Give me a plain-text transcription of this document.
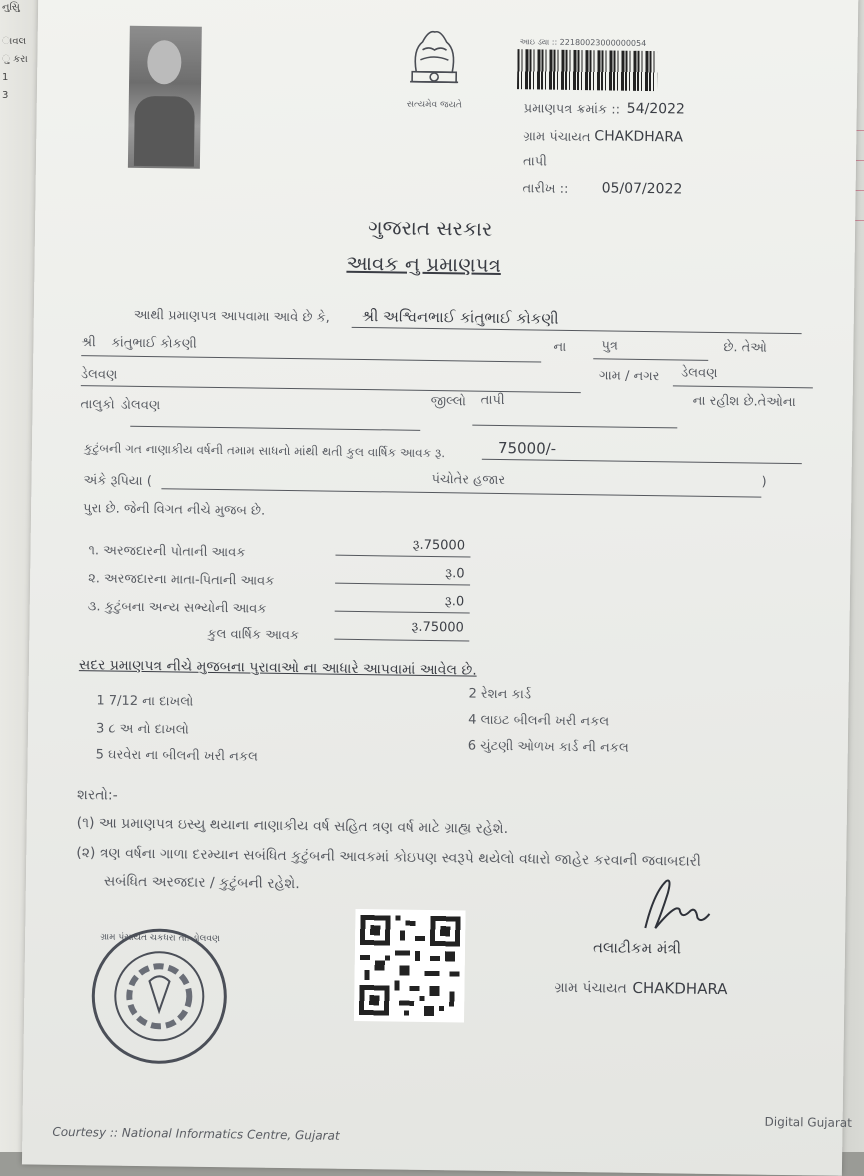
નુસુિ
ાવલ
ુ કરા
1
3
સત્યમેવ જયતે
આઇ ડ્યા :: 22180023000000054
પ્રમાણપત્ર ક્રમાંક :: 54/2022
ગ્રામ પંચાયત CHAKDHARA
તાપી
તારીખ :: 05/07/2022
ગુજરાત સરકાર
આવક નુ પ્રમાણપત્ર
આથી પ્રમાણપત્ર આપવામા આવે છે કે, શ્રી અશ્વિનભાઈ કાંતુભાઈ કોકણી
શ્રી કાંતુભાઈ કોકણી	ના	પુત્ર	છે. તેઓ
ડેલવણ	ગામ / નગર ડેલવણ
તાલુકો ડોલવણ	જીલ્લો તાપી	ના રહીશ છે.તેઓના
કુટુંબની ગત નાણાકીય વર્ષની તમામ સાધનો માંથી થતી કુલ વાર્ષિક આવક રૂ.	75000/-
અંકે રૂપિયા (	પંચોતેર હજાર	)
પુરા છે. જેની વિગત નીચે મુજબ છે.
૧. અરજદારની પોતાની આવક	રૂ.75000
૨. અરજદારના માતા-પિતાની આવક	રૂ.0
૩. કુટુંબના અન્ય સભ્યોની આવક	રૂ.0
કુલ વાર્ષિક આવક	રૂ.75000
સદર પ્રમાણપત્ર નીચે મુજબના પુરાવાઓ ના આધારે આપવામાં આવેલ છે.
1 7/12 ના દાખલો	2 રેશન કાર્ડ
3 ૮ અ નો દાખલો	4 લાઇટ બીલની ખરી નકલ
5 ઘરવેરા ના બીલની ખરી નકલ
6 ચુંટણી ઓળખ કાર્ડ ની નકલ
શરતો:-
(૧) આ પ્રમાણપત્ર ઇસ્યુ થયાના નાણાકીય વર્ષ સહિત ત્રણ વર્ષ માટે ગ્રાહ્ય રહેશે.
(૨) ત્રણ વર્ષના ગાળા દરમ્યાન સબંધિત કુટુંબની આવકમાં કોઇપણ સ્વરૂપે થયેલો વધારો જાહેર કરવાની જવાબદારી
સબંધિત અરજદાર / કુટુંબની રહેશે.
ગ્રામ પંચાયત ચકધરા તા. ડોલવણ
તલાટીકમ મંત્રી
ગ્રામ પંચાયત CHAKDHARA
Courtesy :: National Informatics Centre, Gujarat
Digital Gujarat
